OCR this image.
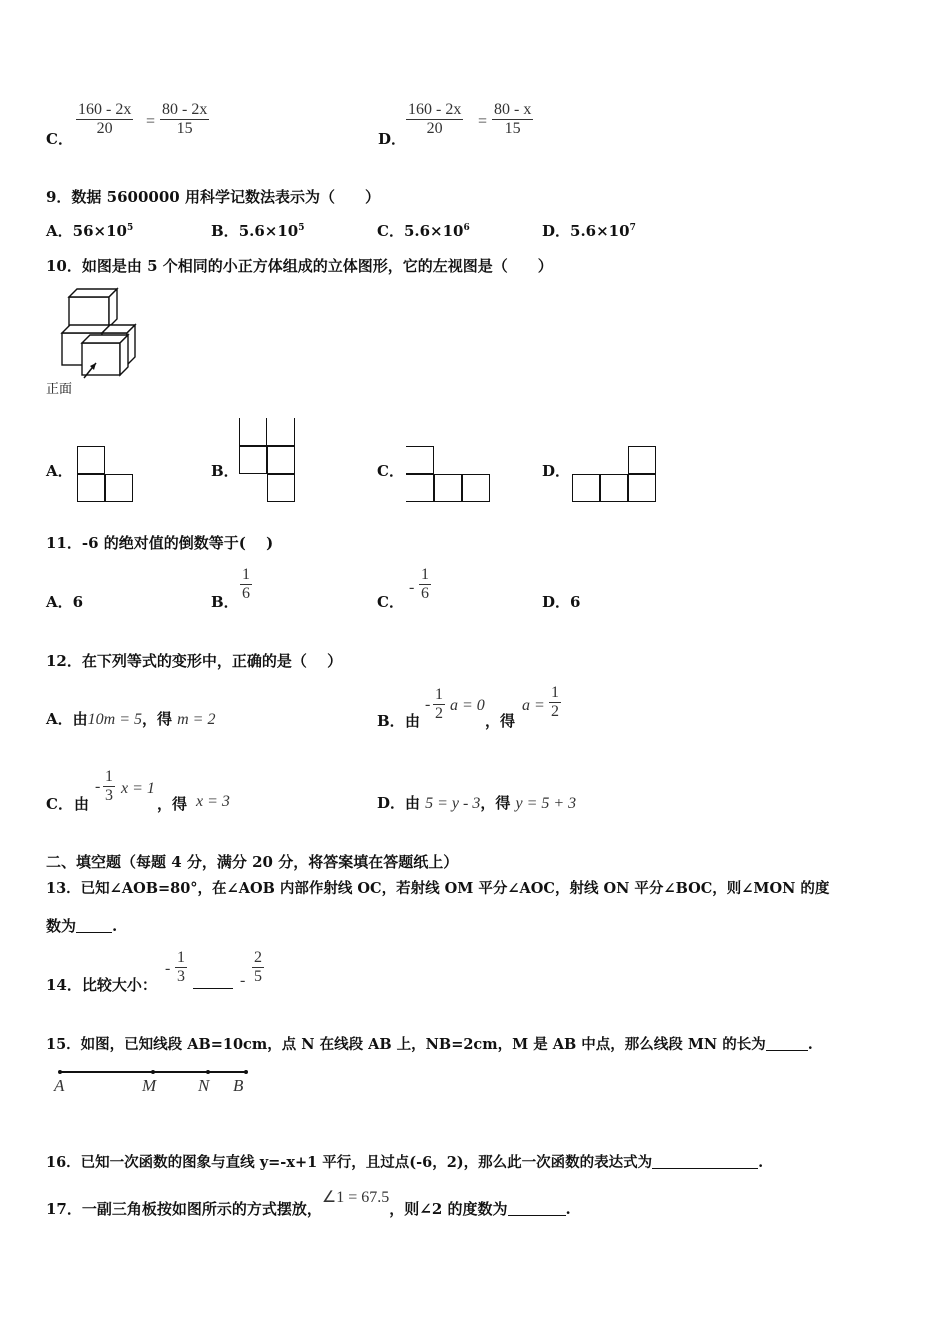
C．
$\frac{160 - 2x}{20} = \frac{80 - 2x}{15}$
D．
$\frac{160 - 2x}{20} = \frac{80 - x}{15}$
9．数据 5600000 用科学记数法表示为（　　）
A．$56\times 10^5$	B．$5.6\times 10^5$	C．$5.6\times 10^6$	D．$5.6\times 10^7$
10．如图是由 5 个相同的小正方体组成的立体图形，它的左视图是（　　）
正面
A．	B．	C．	D．
11．-6 的绝对值的倒数等于(　 )
A．6	B． $\frac{1}{6}$	C．
- $\frac{1}{6}$	D．6
12．在下列等式的变形中，正确的是（　 ）
A．由10m = 5，得 m = 2	B． 由
- $\frac{1}{2}$ a = 0
，得
$a = \frac{1}{2}$
C． 由
- $\frac{1}{3}$ x = 1
，得 x = 3	D．由 5 = y - 3，得 y = 5 + 3
二、填空题（每题 4 分，满分 20 分，将答案填在答题纸上）
13．已知∠AOB=80°，在∠AOB 内部作射线 OC，若射线 OM 平分∠AOC，射线 ON 平分∠BOC，则∠MON 的度
数为 .
14．比较大小：
- $\frac{1}{3}$	- $\frac{2}{5}$
15．如图，已知线段 AB=10cm，点 N 在线段 AB 上，NB=2cm，M 是 AB 中点，那么线段 MN 的长为	.
A	M N B
16．已知一次函数的图象与直线 y=-x+1 平行，且过点(-6，2)，那么此一次函数的表达式为	.
17．一副三角板按如图所示的方式摆放，∠1 = 67.5，则∠2 的度数为	.
